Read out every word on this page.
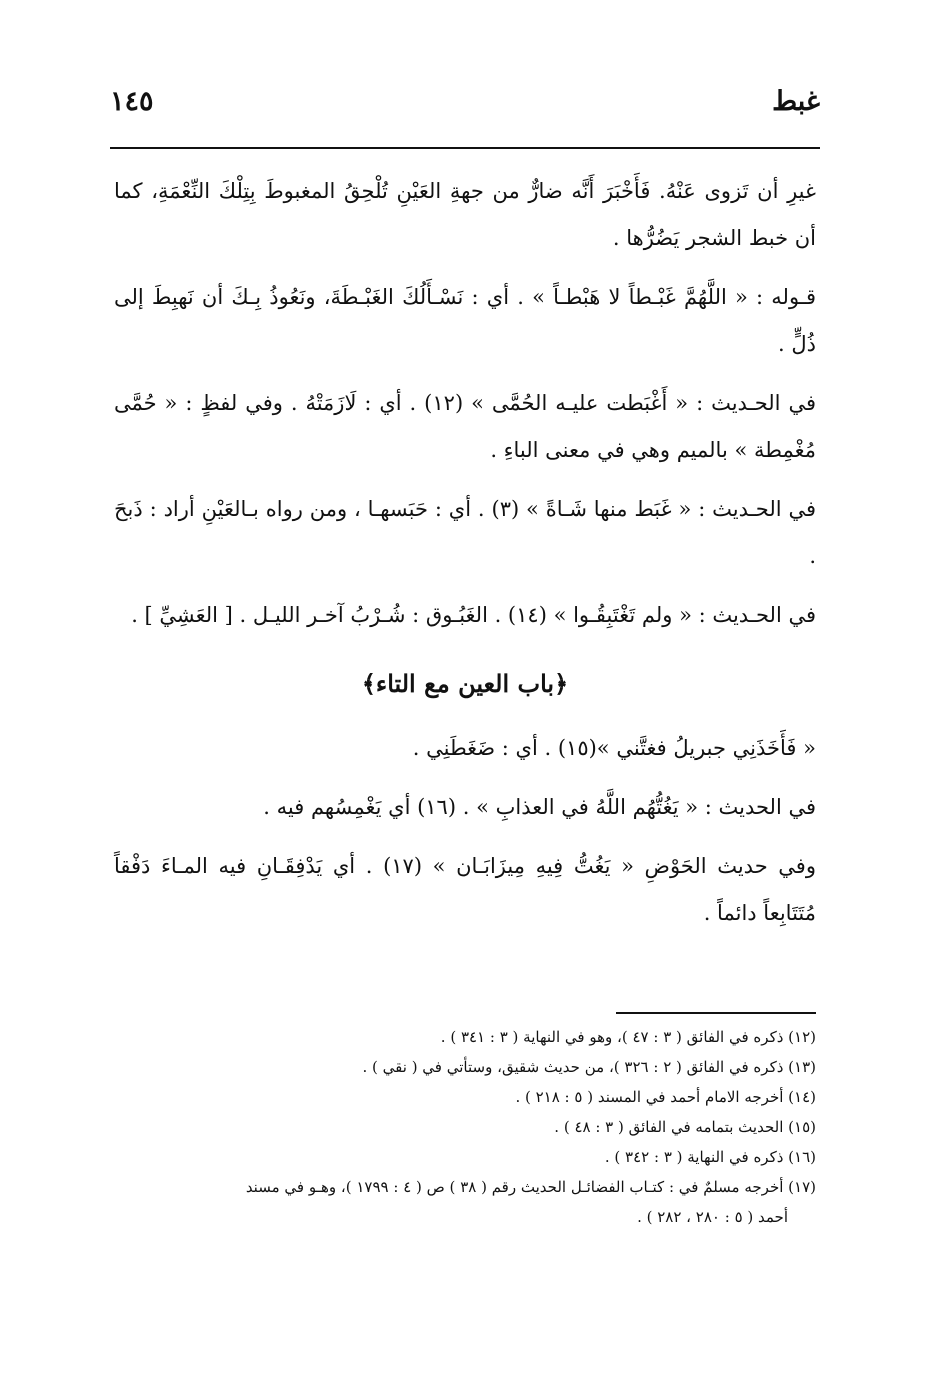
غبط
١٤٥

غيرِ أن تَزوى عَنْهُ. فَأَخْبَرَ أَنَّه ضارٌّ من جهةِ العَيْنِ تُلْحِقُ المغبوطَ بِتِلْكَ النِّعْمَةِ، كما أن خبط الشجر يَضُرُّها .

قـوله : « اللَّهُمَّ غَبْـطاً لا هَبْطـاً » . أي : نَسْـأَلُكَ الغَبْـطَةَ، ونَعُوذُ بِـكَ أن نَهبِطَ إلى ذُلٍّ .

في الحـديث : « أَغْبَطت عليـه الحُمَّى » (١٢) . أي : لَازَمَتْهُ . وفي لفظٍ : « حُمَّى مُغْمِطة » بالميم وهي في معنى الباءِ .

في الحـديث : « غَبَط منها شَـاةً » (٣) . أي : حَبَسهـا ، ومن رواه بـالعَيْنِ أراد : ذَبحَ .

في الحـديث : « ولم تَغْتَبِقُـوا » (١٤) . الغَبُـوق : شُـرْبُ آخـر الليـل . [ العَشِيِّ ] .

﴿باب العين مع التاء﴾

« فَأَخَذَنِي جبريلُ فغتَّني »(١٥) . أي : ضَغَطَنِي .

في الحديث : « يَغُتُّهُم اللَّهُ في العذابِ » . (١٦) أي يَغْمِسُهم فيه .

وفي حديث الحَوْضِ « يَغُتُّ فِيهِ مِيزَابَـان » (١٧) . أي يَدْفِقَـانِ فيه المـاءَ دَفْقاً مُتَتَابِعاً دائماً .

(١٢) ذكره في الفائق ( ٣ : ٤٧ )، وهو في النهاية ( ٣ : ٣٤١ ) .

(١٣) ذكره في الفائق ( ٢ : ٣٢٦ )، من حديث شقيق، وستأتي في ( نقي ) .

(١٤) أخرجه الامام أحمد في المسند ( ٥ : ٢١٨ ) .

(١٥) الحديث بتمامه في الفائق ( ٣ : ٤٨ ) .

(١٦) ذكره في النهاية ( ٣ : ٣٤٢ ) .

(١٧) أخرجه مسلمٌ في : كتـاب الفضائـل الحديث رقم ( ٣٨ ) ص ( ٤ : ١٧٩٩ )، وهـو في مسند

أحمد ( ٥ : ٢٨٠ ، ٢٨٢ ) .
